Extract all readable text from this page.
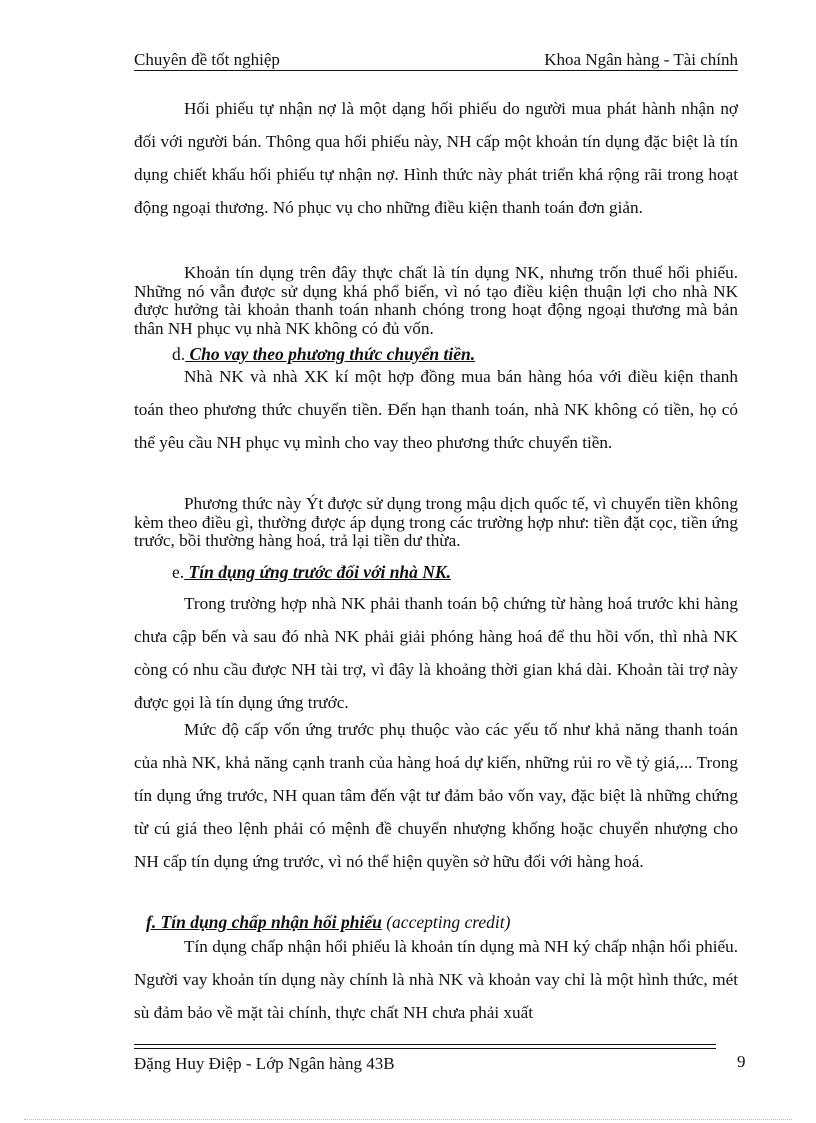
Chuyên đề tốt nghiệp	Khoa Ngân hàng - Tài chính

Hối phiếu tự nhận nợ là một dạng hối phiếu do người mua phát hành nhận nợ đối với người bán. Thông qua hối phiếu này, NH cấp một khoản tín dụng đặc biệt là tín dụng chiết khấu hối phiếu tự nhận nợ. Hình thức này phát triển khá rộng rãi trong hoạt động ngoại thương. Nó phục vụ cho những điều kiện thanh toán đơn giản.

Khoản tín dụng trên đây thực chất là tín dụng NK, nhưng trốn thuế hối phiếu. Những nó vẫn được sử dụng khá phổ biến, vì nó tạo điều kiện thuận lợi cho nhà NK được hưởng tài khoản thanh toán nhanh chóng trong hoạt động ngoại thương mà bản thân NH phục vụ nhà NK không có đủ vốn.

d. Cho vay theo phương thức chuyển tiền.

Nhà NK và nhà XK kí một hợp đồng mua bán hàng hóa với điều kiện thanh toán theo phương thức chuyển tiền. Đến hạn thanh toán, nhà NK không có tiền, họ có thể yêu cầu NH phục vụ mình cho vay theo phương thức chuyển tiền.

Phương thức này Ýt được sử dụng trong mậu dịch quốc tế, vì chuyển tiền không kèm theo điều gì, thường được áp dụng trong các trường hợp như: tiền đặt cọc, tiền ứng trước, bồi thường hàng hoá, trả lại tiền dư thừa.

e. Tín dụng ứng trước đối với nhà NK.

Trong trường hợp nhà NK phải thanh toán bộ chứng từ hàng hoá trước khi hàng chưa cập bến và sau đó nhà NK phải giải phóng hàng hoá để thu hồi vốn, thì nhà NK còng có nhu cầu được NH tài trợ, vì đây là khoảng thời gian khá dài. Khoản tài trợ này được gọi là tín dụng ứng trước.

Mức độ cấp vốn ứng trước phụ thuộc vào các yếu tố như khả năng thanh toán của nhà NK, khả năng cạnh tranh của hàng hoá dự kiến, những rủi ro về tỷ giá,... Trong tín dụng ứng trước, NH quan tâm đến vật tư đảm bảo vốn vay, đặc biệt là những chứng từ cú giá theo lệnh phải có mệnh đề chuyển nhượng khống hoặc chuyển nhượng cho NH cấp tín dụng ứng trước, vì nó thể hiện quyền sở hữu đối với hàng hoá.

f. Tín dụng chấp nhận hối phiếu (accepting credit)

Tín dụng chấp nhận hối phiếu là khoản tín dụng mà NH ký chấp nhận hối phiếu. Người vay khoản tín dụng này chính là nhà NK và khoản vay chỉ là một hình thức, mét sù đảm bảo về mặt tài chính, thực chất NH chưa phải xuất

Đặng Huy Điệp - Lớp Ngân hàng 43B	9
